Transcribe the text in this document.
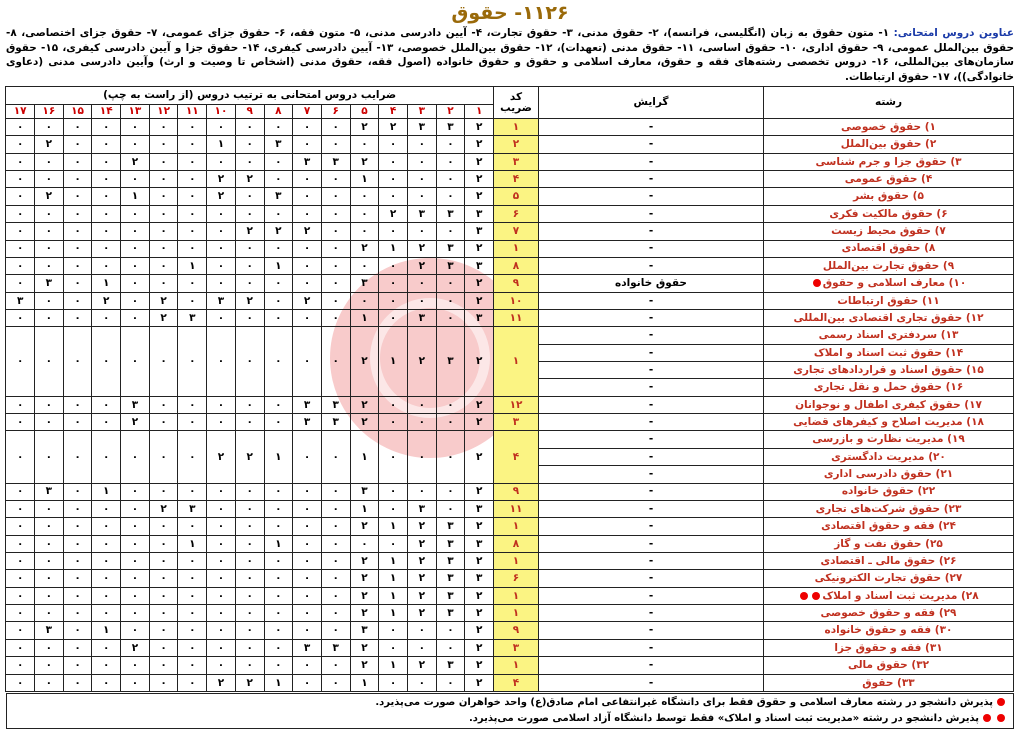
۱۱۲۶- حقوق
عناوین دروس امتحانی: ۱- متون حقوق به زبان (انگلیسی، فرانسه)، ۲- حقوق مدنی، ۳- حقوق تجارت، ۴- آیین دادرسی مدنی، ۵- متون فقه، ۶- حقوق جزای عمومی، ۷- حقوق جزای اختصاصی، ۸- حقوق بین‌الملل عمومی، ۹- حقوق اداری، ۱۰- حقوق اساسی، ۱۱- حقوق مدنی (تعهدات)، ۱۲- حقوق بین‌الملل خصوصی، ۱۳- آیین دادرسی کیفری، ۱۴- حقوق جزا و آیین دادرسی کیفری، ۱۵- حقوق سازمان‌های بین‌المللی، ۱۶- دروس تخصصی رشته‌های فقه و حقوق، معارف اسلامی و حقوق و حقوق خانواده (اصول فقه، حقوق مدنی (اشخاص تا وصیت و ارث) وآیین دادرسی مدنی (دعاوی خانوادگی))، ۱۷- حقوق ارتباطات.
رشته	گرایش	کد ضریب	ضرایب دروس امتحانی به ترتیب دروس (از راست به چپ)																
			۱	۲	۳	۴	۵	۶	۷	۸	۹	۱۰	۱۱	۱۲	۱۳	۱۴	۱۵	۱۶	۱۷
۱) حقوق خصوصی	-	۱	۲	۳	۳	۲	۲	۰	۰	۰	۰	۰	۰	۰	۰	۰	۰	۰	۰
۲) حقوق بین‌الملل	-	۲	۲	۰	۰	۰	۰	۰	۰	۳	۰	۱	۰	۰	۰	۰	۰	۲	۰
۳) حقوق جزا و جرم شناسی	-	۳	۲	۰	۰	۰	۲	۳	۳	۰	۰	۰	۰	۰	۲	۰	۰	۰	۰
۴) حقوق عمومی	-	۴	۲	۰	۰	۰	۱	۰	۰	۰	۲	۲	۰	۰	۰	۰	۰	۰	۰
۵) حقوق بشر	-	۵	۲	۰	۰	۰	۰	۰	۰	۳	۰	۲	۰	۰	۱	۰	۰	۲	۰
۶) حقوق مالکیت فکری	-	۶	۳	۳	۳	۲	۰	۰	۰	۰	۰	۰	۰	۰	۰	۰	۰	۰	۰
۷) حقوق محیط زیست	-	۷	۳	۰	۰	۰	۰	۰	۲	۲	۲	۰	۰	۰	۰	۰	۰	۰	۰
۸) حقوق اقتصادی	-	۱	۲	۳	۲	۱	۲	۰	۰	۰	۰	۰	۰	۰	۰	۰	۰	۰	۰
۹) حقوق تجارت بین‌الملل	-	۸	۳	۳	۲	۰	۰	۰	۰	۱	۰	۰	۱	۰	۰	۰	۰	۰	۰
۱۰) معارف اسلامی و حقوق	حقوق خانواده	۹	۲	۰	۰	۰	۳	۰	۰	۰	۰	۰	۰	۰	۰	۱	۰	۳	۰
۱۱) حقوق ارتباطات	-	۱۰	۲	۰	۰	۰	۰	۰	۲	۰	۲	۳	۰	۲	۰	۲	۰	۰	۳
۱۲) حقوق تجاری اقتصادی بین‌المللی	-	۱۱	۳	۰	۳	۰	۱	۰	۰	۰	۰	۰	۳	۲	۰	۰	۰	۰	۰
۱۳) سردفتری اسناد رسمی	-	۱	۲	۳	۲	۱	۲	۰	۰	۰	۰	۰	۰	۰	۰	۰	۰	۰	۰
۱۴) حقوق ثبت اسناد و املاک	-																		
۱۵) حقوق اسناد و قراردادهای تجاری	-																		
۱۶) حقوق حمل و نقل تجاری	-																		
۱۷) حقوق کیفری اطفال و نوجوانان	-	۱۲	۲	۰	۰	۰	۲	۳	۳	۰	۰	۰	۰	۰	۳	۰	۰	۰	۰
۱۸) مدیریت اصلاح و کیفرهای قضایی	-	۳	۲	۰	۰	۰	۲	۳	۳	۰	۰	۰	۰	۰	۲	۰	۰	۰	۰
۱۹) مدیریت نظارت و بازرسی	-	۴	۲	۰	۰	۰	۱	۰	۰	۱	۲	۲	۰	۰	۰	۰	۰	۰	۰
۲۰) مدیریت دادگستری	-																		
۲۱) حقوق دادرسی اداری	-																		
۲۲) حقوق خانواده	-	۹	۲	۰	۰	۰	۳	۰	۰	۰	۰	۰	۰	۰	۰	۱	۰	۳	۰
۲۳) حقوق شرکت‌های تجاری	-	۱۱	۳	۰	۳	۰	۱	۰	۰	۰	۰	۰	۳	۲	۰	۰	۰	۰	۰
۲۴) فقه و حقوق اقتصادی	-	۱	۲	۳	۲	۱	۲	۰	۰	۰	۰	۰	۰	۰	۰	۰	۰	۰	۰
۲۵) حقوق نفت و گاز	-	۸	۳	۳	۲	۰	۰	۰	۰	۱	۰	۰	۱	۰	۰	۰	۰	۰	۰
۲۶) حقوق مالی ـ اقتصادی	-	۱	۲	۳	۲	۱	۲	۰	۰	۰	۰	۰	۰	۰	۰	۰	۰	۰	۰
۲۷) حقوق تجارت الکترونیکی	-	۶	۳	۳	۲	۱	۲	۰	۰	۰	۰	۰	۰	۰	۰	۰	۰	۰	۰
۲۸) مدیریت ثبت اسناد و املاک	-	۱	۲	۳	۲	۱	۲	۰	۰	۰	۰	۰	۰	۰	۰	۰	۰	۰	۰
۲۹) فقه و حقوق خصوصی	-	۱	۲	۳	۲	۱	۲	۰	۰	۰	۰	۰	۰	۰	۰	۰	۰	۰	۰
۳۰) فقه و حقوق خانواده	-	۹	۲	۰	۰	۰	۳	۰	۰	۰	۰	۰	۰	۰	۰	۱	۰	۳	۰
۳۱) فقه و حقوق جزا	-	۳	۲	۰	۰	۰	۲	۳	۳	۰	۰	۰	۰	۰	۲	۰	۰	۰	۰
۳۲) حقوق مالی	-	۱	۲	۳	۲	۱	۲	۰	۰	۰	۰	۰	۰	۰	۰	۰	۰	۰	۰
۳۳) حقوق	-	۴	۲	۰	۰	۰	۱	۰	۰	۱	۲	۲	۰	۰	۰	۰	۰	۰	۰
پذیرش دانشجو در رشته معارف اسلامی و حقوق فقط برای دانشگاه غیرانتفاعی امام صادق(ع) واحد خواهران صورت می‌پذیرد.
پذیرش دانشجو در رشته «مدیریت ثبت اسناد و املاک» فقط توسط دانشگاه آزاد اسلامی صورت می‌پذیرد.
